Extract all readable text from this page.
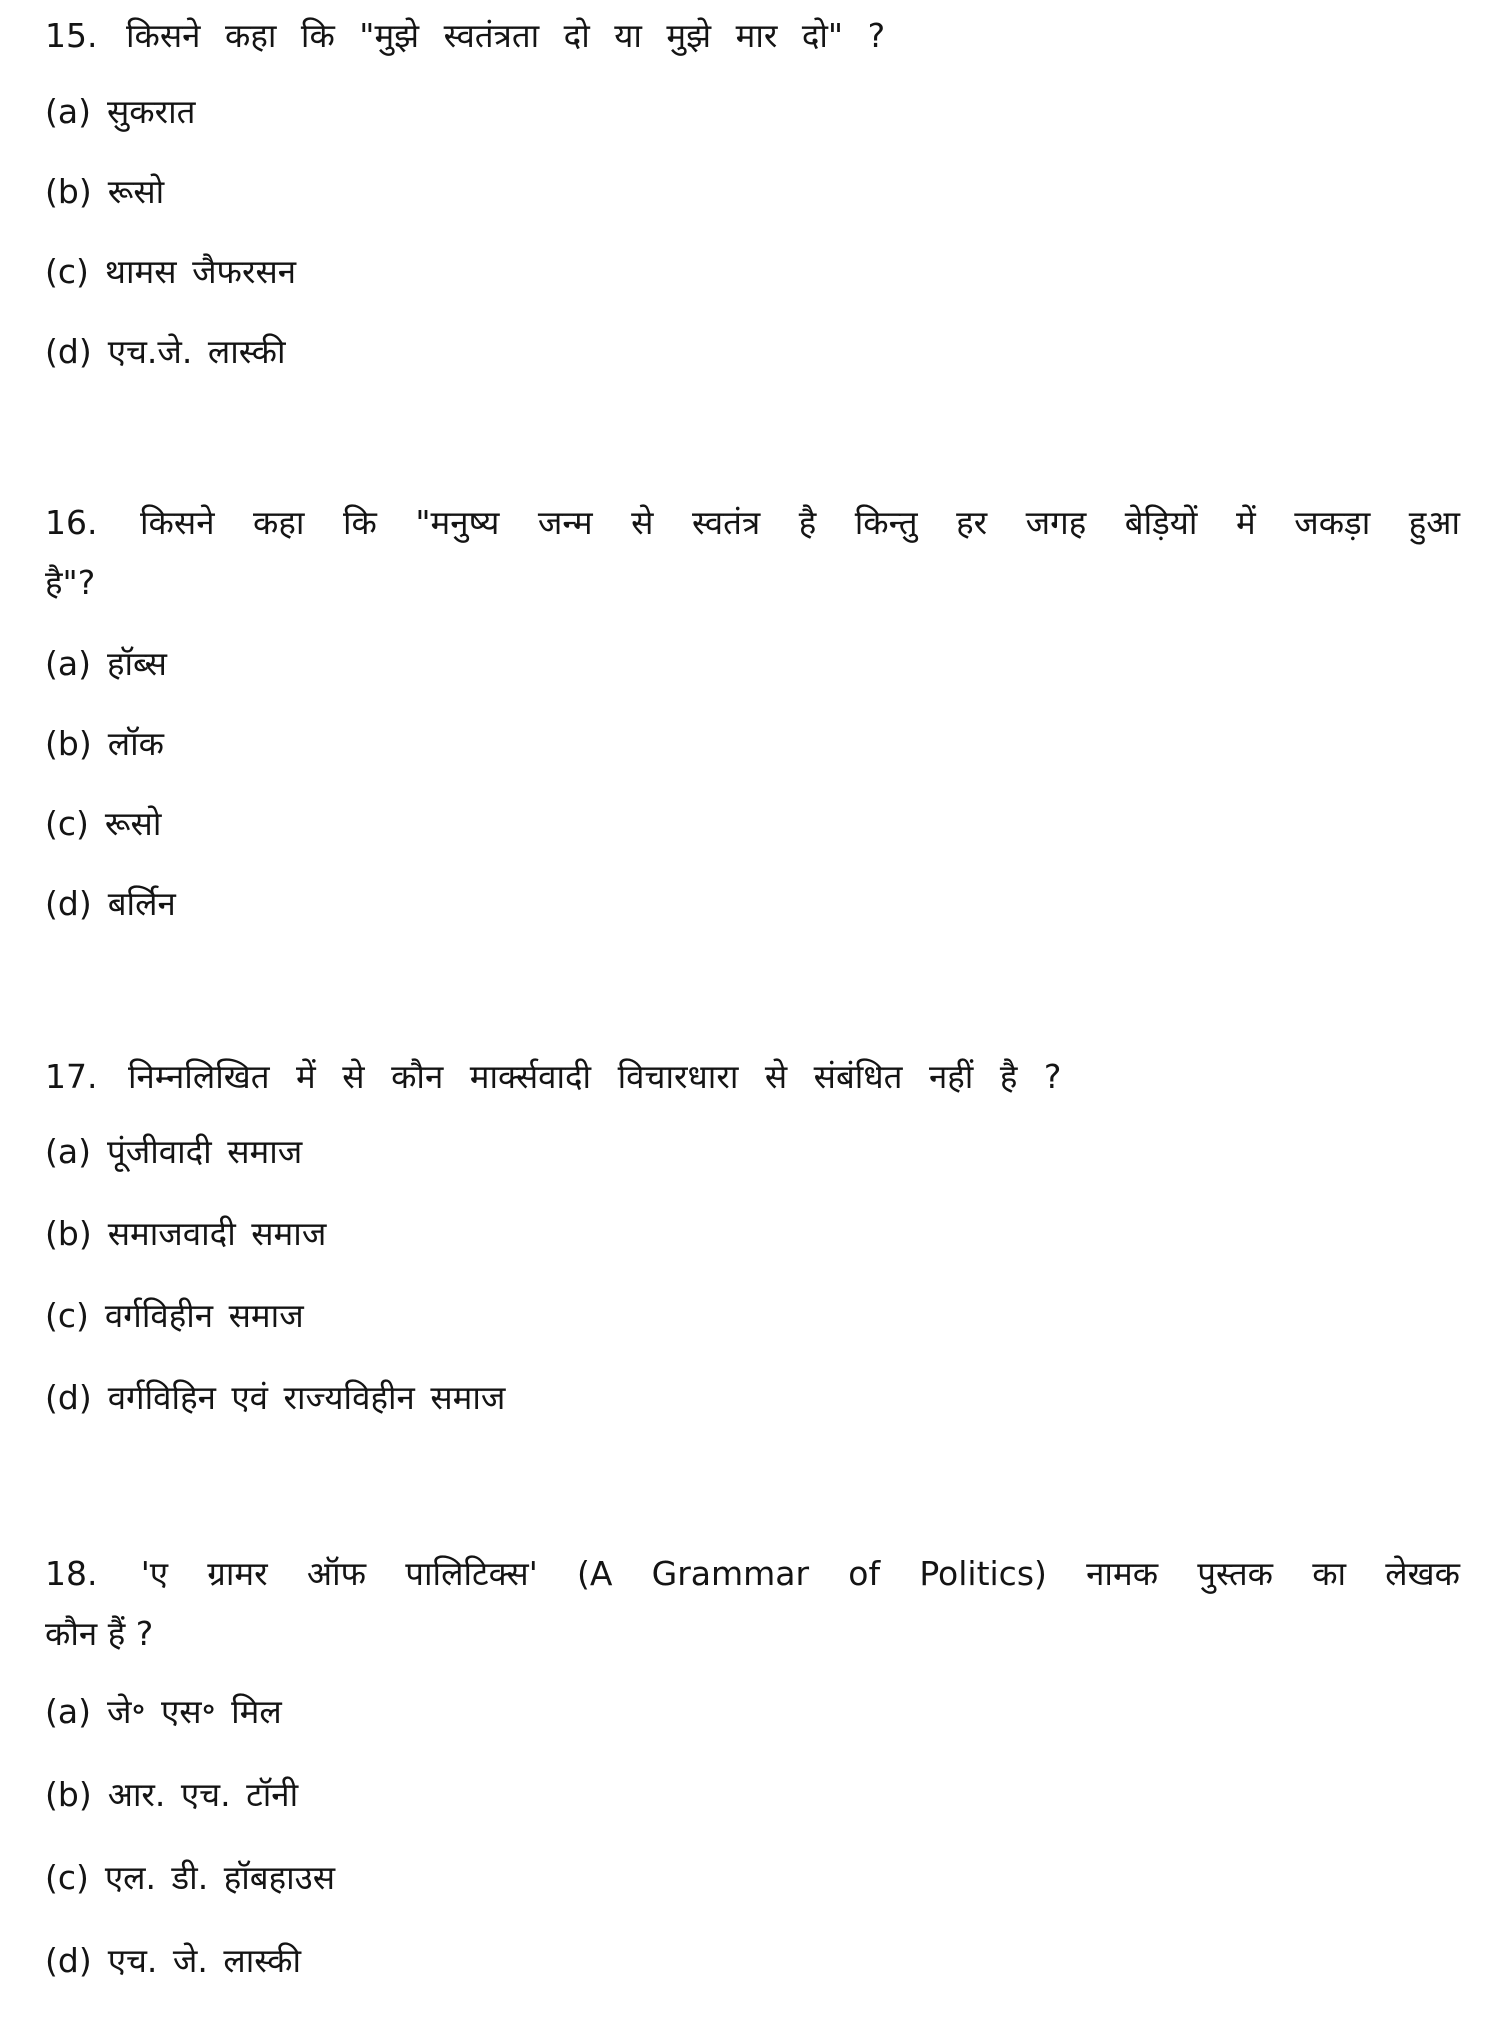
15. किसने कहा कि "मुझे स्वतंत्रता दो या मुझे मार दो" ?
(a) सुकरात
(b) रूसो
(c) थामस जैफरसन
(d) एच.जे. लास्की
16. किसने कहा कि "मनुष्य जन्म से स्वतंत्र है किन्तु हर जगह बेड़ियों में जकड़ा हुआ
है"?
(a) हॉब्स
(b) लॉक
(c) रूसो
(d) बर्लिन
17. निम्नलिखित में से कौन मार्क्सवादी विचारधारा से संबंधित नहीं है ?
(a) पूंजीवादी समाज
(b) समाजवादी समाज
(c) वर्गविहीन समाज
(d) वर्गविहिन एवं राज्यविहीन समाज
18. 'ए ग्रामर ऑफ पालिटिक्स' (A Grammar of Politics) नामक पुस्तक का लेखक
कौन हैं ?
(a) जे॰ एस॰ मिल
(b) आर. एच. टॉनी
(c) एल. डी. हॉबहाउस
(d) एच. जे. लास्की
